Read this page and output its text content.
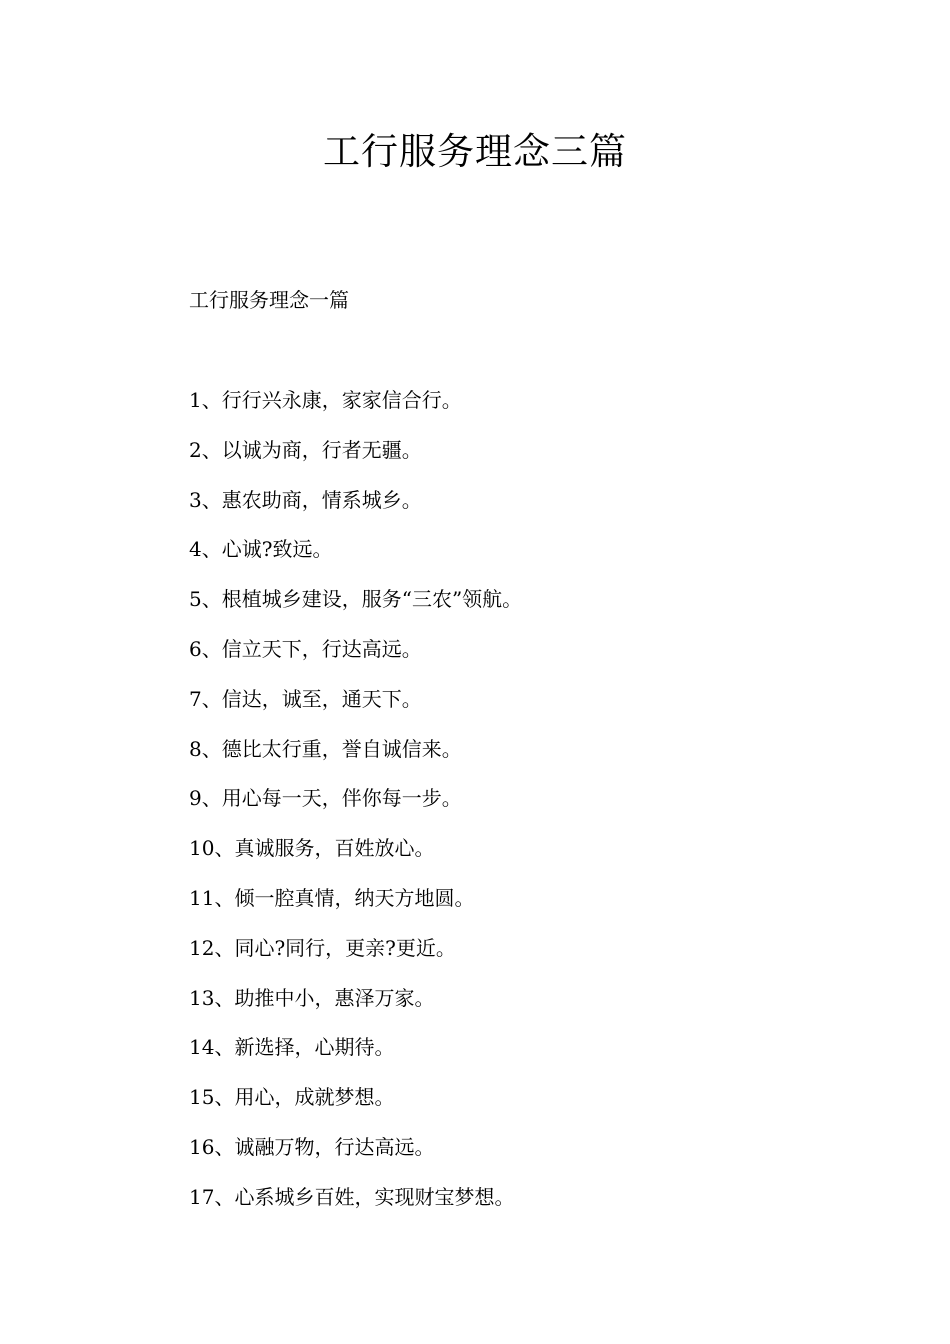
工行服务理念三篇
工行服务理念一篇
1、行行兴永康，家家信合行。
2、以诚为商，行者无疆。
3、惠农助商，情系城乡。
4、心诚?致远。
5、根植城乡建设，服务“三农”领航。
6、信立天下，行达高远。
7、信达，诚至，通天下。
8、德比太行重，誉自诚信来。
9、用心每一天，伴你每一步。
10、真诚服务，百姓放心。
11、倾一腔真情，纳天方地圆。
12、同心?同行，更亲?更近。
13、助推中小，惠泽万家。
14、新选择，心期待。
15、用心，成就梦想。
16、诚融万物，行达高远。
17、心系城乡百姓，实现财宝梦想。
